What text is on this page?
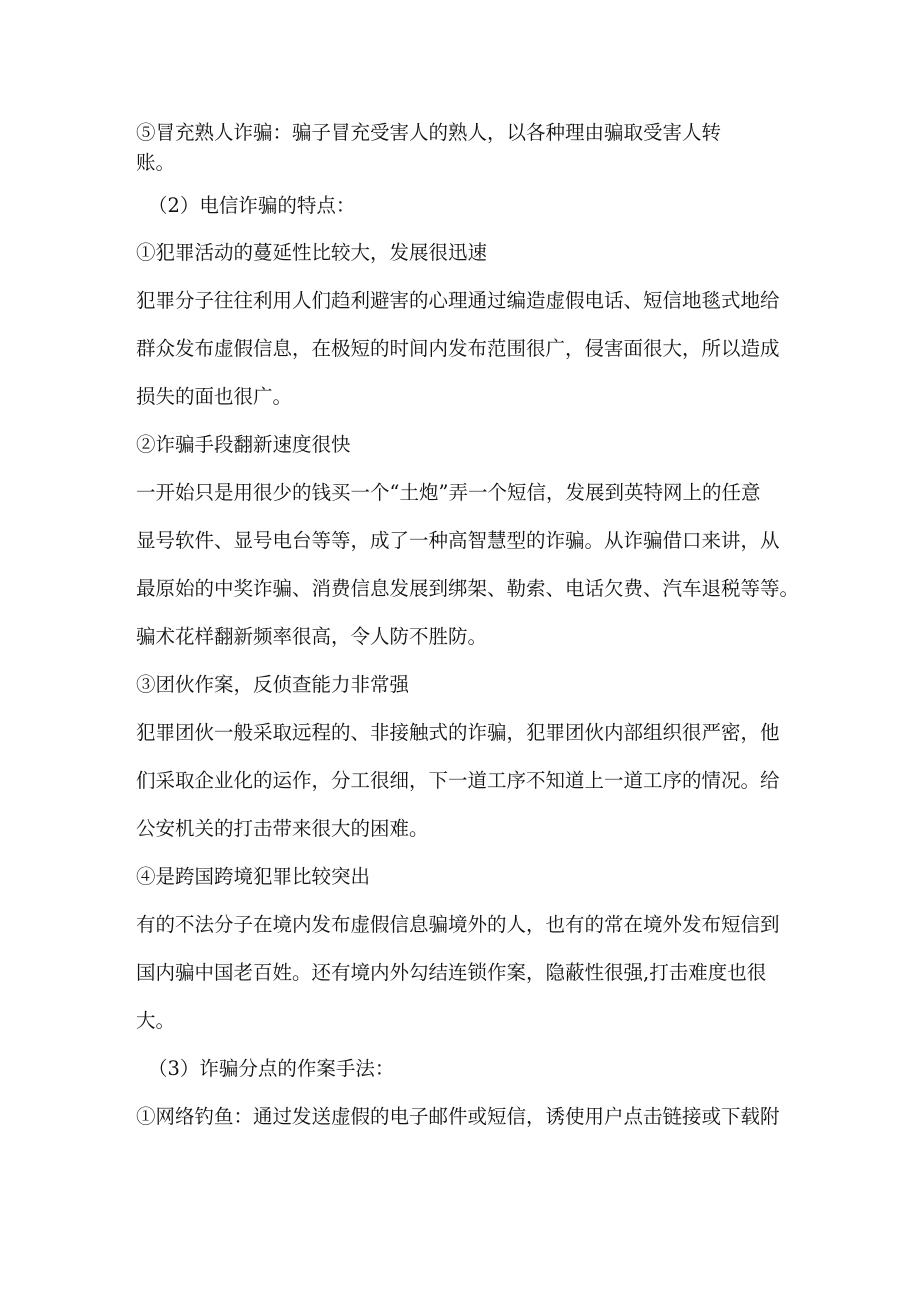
⑤冒充熟人诈骗：骗子冒充受害人的熟人，以各种理由骗取受害人转

账。

（2）电信诈骗的特点：

①犯罪活动的蔓延性比较大，发展很迅速

犯罪分子往往利用人们趋利避害的心理通过编造虚假电话、短信地毯式地给

群众发布虚假信息，在极短的时间内发布范围很广，侵害面很大，所以造成

损失的面也很广。

②诈骗手段翻新速度很快

一开始只是用很少的钱买一个“土炮”弄一个短信，发展到英特网上的任意

显号软件、显号电台等等，成了一种高智慧型的诈骗。从诈骗借口来讲，从

最原始的中奖诈骗、消费信息发展到绑架、勒索、电话欠费、汽车退税等等。

骗术花样翻新频率很高，令人防不胜防。

③团伙作案，反侦查能力非常强

犯罪团伙一般采取远程的、非接触式的诈骗，犯罪团伙内部组织很严密，他

们采取企业化的运作，分工很细，下一道工序不知道上一道工序的情况。给

公安机关的打击带来很大的困难。

④是跨国跨境犯罪比较突出

有的不法分子在境内发布虚假信息骗境外的人，也有的常在境外发布短信到

国内骗中国老百姓。还有境内外勾结连锁作案，隐蔽性很强,打击难度也很

大。

（3）诈骗分点的作案手法：

①网络钓鱼：通过发送虚假的电子邮件或短信，诱使用户点击链接或下载附
